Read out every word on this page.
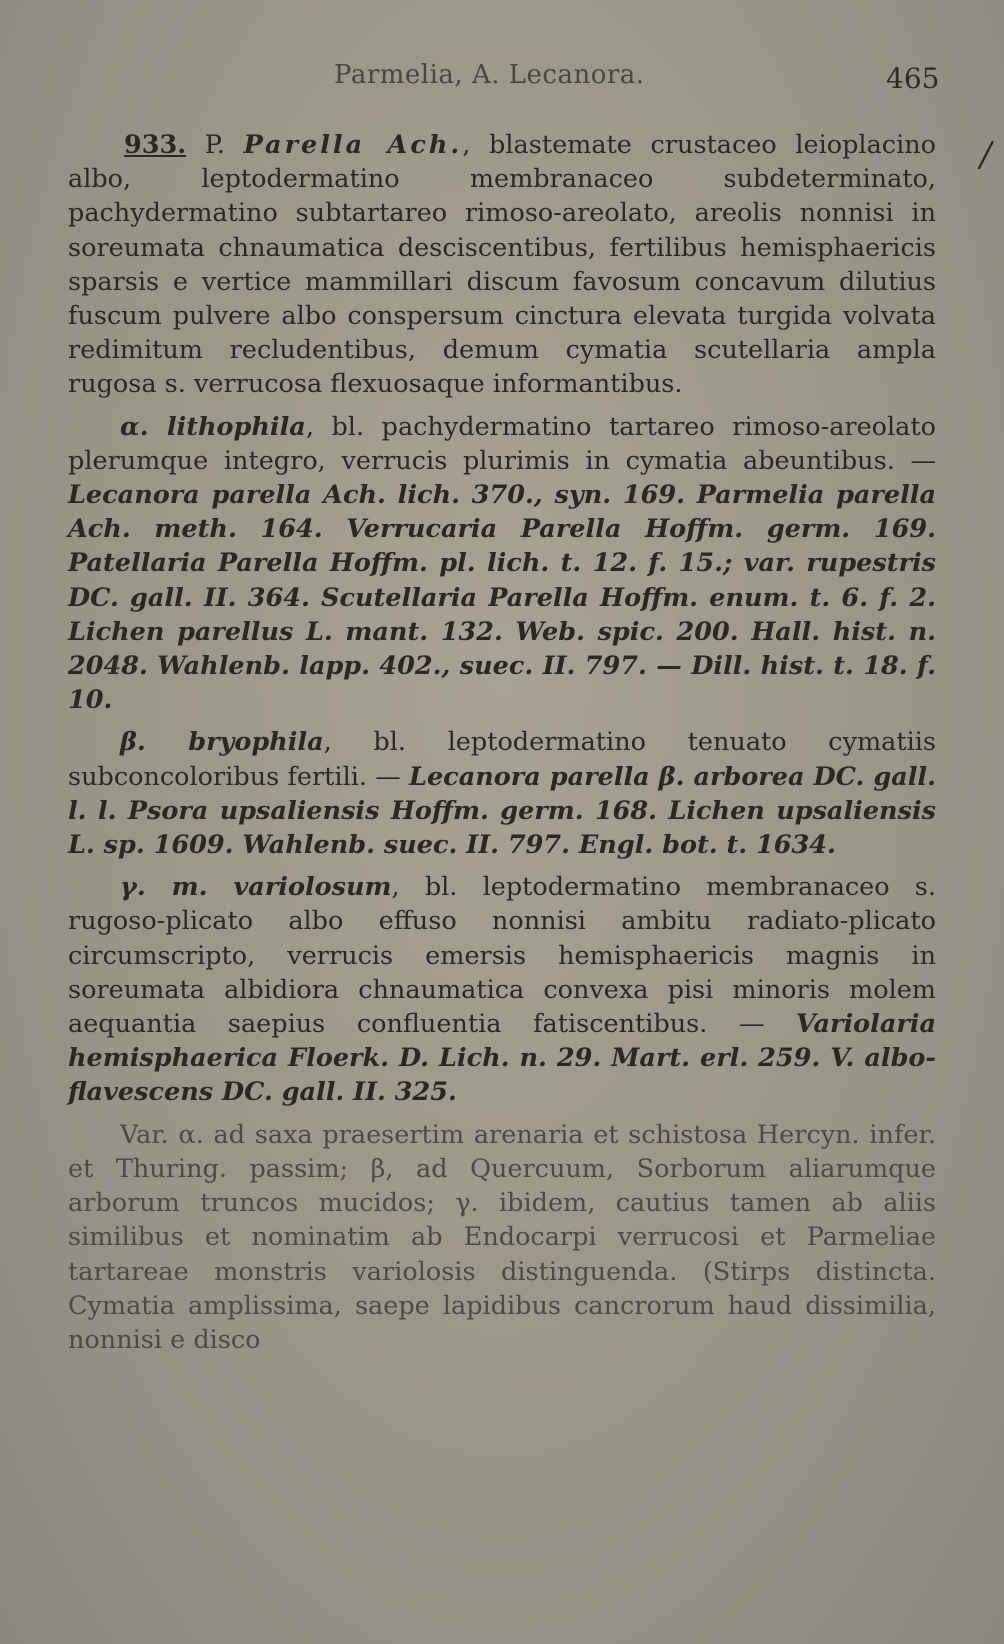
Parmelia, A. Lecanora.	465
/

933. P. Parella Ach., blastemate crustaceo leioplacino albo, leptodermatino membranaceo subdeterminato, pachydermatino subtartareo rimoso-areolato, areolis nonnisi in soreumata chnaumatica desciscentibus, fertilibus hemisphaericis sparsis e vertice mammillari discum favosum concavum dilutius fuscum pulvere albo conspersum cinctura elevata turgida volvata redimitum recludentibus, demum cymatia scutellaria ampla rugosa s. verrucosa flexuosaque informantibus.

α. lithophila, bl. pachydermatino tartareo rimoso-areolato plerumque integro, verrucis plurimis in cymatia abeuntibus. — Lecanora parella Ach. lich. 370., syn. 169. Parmelia parella Ach. meth. 164. Verrucaria Parella Hoffm. germ. 169. Patellaria Parella Hoffm. pl. lich. t. 12. f. 15.; var. rupestris DC. gall. II. 364. Scutellaria Parella Hoffm. enum. t. 6. f. 2. Lichen parellus L. mant. 132. Web. spic. 200. Hall. hist. n. 2048. Wahlenb. lapp. 402., suec. II. 797. — Dill. hist. t. 18. f. 10.

β. bryophila, bl. leptodermatino tenuato cymatiis subconcoloribus fertili. — Lecanora parella β. arborea DC. gall. l. l. Psora upsaliensis Hoffm. germ. 168. Lichen upsaliensis L. sp. 1609. Wahlenb. suec. II. 797. Engl. bot. t. 1634.

γ. m. variolosum, bl. leptodermatino membranaceo s. rugoso-plicato albo effuso nonnisi ambitu radiato-plicato circumscripto, verrucis emersis hemisphaericis magnis in soreumata albidiora chnaumatica convexa pisi minoris molem aequantia saepius confluentia fatiscentibus. — Variolaria hemisphaerica Floerk. D. Lich. n. 29. Mart. erl. 259. V. albo-flavescens DC. gall. II. 325.

Var. α. ad saxa praesertim arenaria et schistosa Hercyn. infer. et Thuring. passim; β, ad Quercuum, Sorborum aliarumque arborum truncos mucidos; γ. ibidem, cautius tamen ab aliis similibus et nominatim ab Endocarpi verrucosi et Parmeliae tartareae monstris variolosis distinguenda. (Stirps distincta. Cymatia amplissima, saepe lapidibus cancrorum haud dissimilia, nonnisi e disco
